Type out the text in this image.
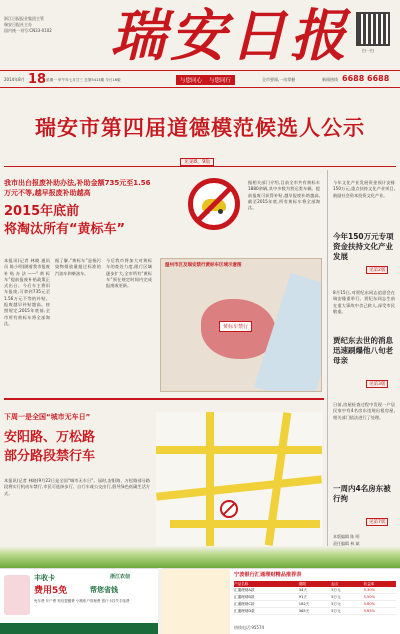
浙江日报报业集团主管
瑞安日报社主办
国内统一刊号:CN33-0102	瑞安日报	扫一扫
2014年8月 18 星期一 甲午年七月廿三 总第5413期 今日16版	与您同心	与您同行	全市要闻,一站掌握	新闻热线 6688 6688
瑞安市第四届道德模范候选人公示
见第8、9版
我市出台报废补助办法,补助金额735元至1.56万元不等,越早报废补助越高
2015年底前
将淘汰所有“黄标车”
本报讯(记者 林晓 通讯员 陈小明)随着我市报废补贴办法——“黄标车”提前报废补贴政策正式出台。今后车主将旧车报废,可拿到735元至1.56万元不等的补贴。报废越早补贴越高。按照规定,2015年底前,全市所有黄标车将全部淘汰。
据了解,“黄标车”是指污染物排放量超过标准的汽油车和柴油车。
今后我市将加大对黄标车的查处力度,限行区域逐步扩大,全市所有“黄标车”须在规定时间内完成报废或更新。
据相关部门介绍,目前全市共有黄标车1880余辆,其中多数为营运类车辆。提前报废可获得补贴,越早报废补助越高,截至2015年底,所有黄标车将全部淘汰。
温州市区及瑞安禁行黄标车区域示意图
黄标车禁行
下周一是全国“城市无车日”
安阳路、万松路
部分路段禁行车
本报讯(记者 林晓)9月22日是全国“城市无车日”。届时,安阳路、万松路部分路段将实行机动车禁行,市民可选择步行、自行车或公交出行,倡导绿色低碳生活方式。
今年文化产业发展资金预计安排150万元,重点扶持文化产业项目,鼓励社会资本投资文化产业。
今年150万元专项资金扶持文化产业发展
见第2版
8月15日,对贾纪东同志追思会在瑞安隆重举行。贾纪东同志生前在重大事故中舍己救人,深受市民敬重。
贾纪东去世的消息迅速刷爆他八旬老母亲
见第3版
日前,房屋检查过程中发现一户居民家中有4名房东违规出租房屋,相关部门依法进行了处理。
一周内4名房东被行拘
见第7版
本版编辑 陈 明
责任编辑 林 斌
丰收卡
费用5免	帮您省钱
免年费 开户费 短信提醒费 小额账户管理费 银行卡挂失手续费
浙江农信	宁波银行汇通理财精品推荐表
产品名称	期限	起点	收益率
汇通理财A款	34天	5万元	5.30%
汇通理财B款	91天	5万元	5.50%
汇通理财C款	182天	5万元	5.60%
汇通理财D款	365天	5万元	5.65%
热线电话:95574
